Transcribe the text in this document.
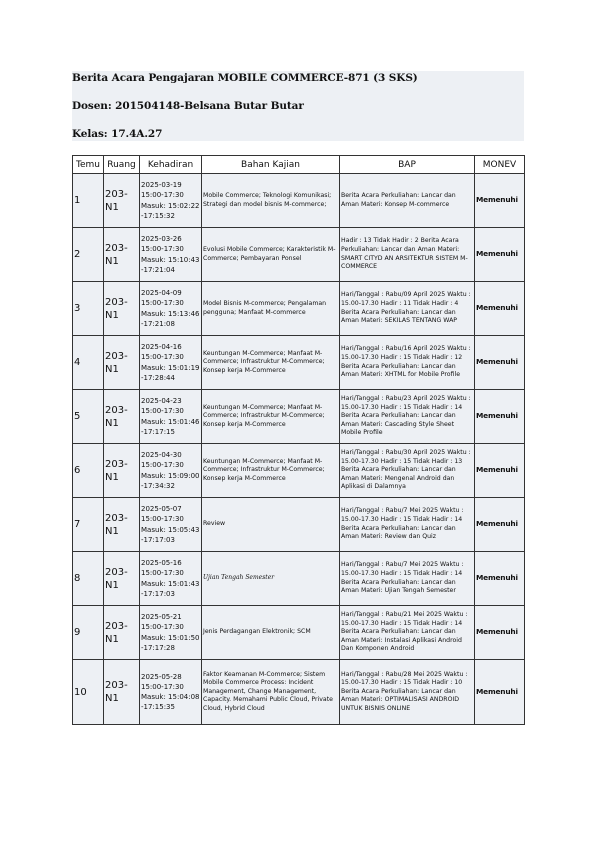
Berita Acara Pengajaran MOBILE COMMERCE-871 (3 SKS)
Dosen: 201504148-Belsana Butar Butar
Kelas: 17.4A.27
Temu	Ruang	Kehadiran	Bahan Kajian	BAP	MONEV
1	203-N1	2025-03-19
15:00-17:30
Masuk: 15:02:22
-17:15:32	Mobile Commerce; Teknologi Komunikasi; Strategi dan model bisnis M-commerce;	Berita Acara Perkuliahan: Lancar dan Aman Materi: Konsep M-commerce	Memenuhi
2	203-N1	2025-03-26
15:00-17:30
Masuk: 15:10:43
-17:21:04	Evolusi Mobile Commerce; Karakteristik M-Commerce; Pembayaran Ponsel	Hadir : 13 Tidak Hadir : 2 Berita Acara Perkuliahan: Lancar dan Aman Materi: SMART CITYD AN ARSITEKTUR SISTEM M-COMMERCE	Memenuhi
3	203-N1	2025-04-09
15:00-17:30
Masuk: 15:13:46
-17:21:08	Model Bisnis M-commerce; Pengalaman pengguna; Manfaat M-commerce	Hari/Tanggal : Rabu/09 April 2025 Waktu : 15.00-17.30 Hadir : 11 Tidak Hadir : 4 Berita Acara Perkuliahan: Lancar dan Aman Materi: SEKILAS TENTANG WAP	Memenuhi
4	203-N1	2025-04-16
15:00-17:30
Masuk: 15:01:19
-17:28:44	Keuntungan M-Commerce; Manfaat M-Commerce; Infrastruktur M-Commerce; Konsep kerja M-Commerce	Hari/Tanggal : Rabu/16 April 2025 Waktu : 15.00-17.30 Hadir : 15 Tidak Hadir : 12 Berita Acara Perkuliahan: Lancar dan Aman Materi: XHTML for Mobile Profile	Memenuhi
5	203-N1	2025-04-23
15:00-17:30
Masuk: 15:01:46
-17:17:15	Keuntungan M-Commerce; Manfaat M-Commerce; Infrastruktur M-Commerce; Konsep kerja M-Commerce	Hari/Tanggal : Rabu/23 April 2025 Waktu : 15.00-17.30 Hadir : 15 Tidak Hadir : 14 Berita Acara Perkuliahan: Lancar dan Aman Materi: Cascading Style Sheet Mobile Profile	Memenuhi
6	203-N1	2025-04-30
15:00-17:30
Masuk: 15:09:00
-17:34:32	Keuntungan M-Commerce; Manfaat M-Commerce; Infrastruktur M-Commerce; Konsep kerja M-Commerce	Hari/Tanggal : Rabu/30 April 2025 Waktu : 15.00-17.30 Hadir : 15 Tidak Hadir : 13 Berita Acara Perkuliahan: Lancar dan Aman Materi: Mengenal Android dan Aplikasi di Dalamnya	Memenuhi
7	203-N1	2025-05-07
15:00-17:30
Masuk: 15:05:43
-17:17:03	Review	Hari/Tanggal : Rabu/7 Mei 2025 Waktu : 15.00-17.30 Hadir : 15 Tidak Hadir : 14 Berita Acara Perkuliahan: Lancar dan Aman Materi: Review dan Quiz	Memenuhi
8	203-N1	2025-05-16
15:00-17:30
Masuk: 15:01:43
-17:17:03	Ujian Tengah Semester	Hari/Tanggal : Rabu/7 Mei 2025 Waktu : 15.00-17.30 Hadir : 15 Tidak Hadir : 14 Berita Acara Perkuliahan: Lancar dan Aman Materi: Ujian Tengah Semester	Memenuhi
9	203-N1	2025-05-21
15:00-17:30
Masuk: 15:01:50
-17:17:28	Jenis Perdagangan Elektronik; SCM	Hari/Tanggal : Rabu/21 Mei 2025 Waktu : 15.00-17.30 Hadir : 15 Tidak Hadir : 14 Berita Acara Perkuliahan: Lancar dan Aman Materi: Instalasi Aplikasi Android Dan Komponen Android	Memenuhi
10	203-N1	2025-05-28
15:00-17:30
Masuk: 15:04:08
-17:15:35	Faktor Keamanan M-Commerce; Sistem Mobile Commerce Process: Incident Management, Change Management, Capacity. Memahami Public Cloud, Private Cloud, Hybrid Cloud	Hari/Tanggal : Rabu/28 Mei 2025 Waktu : 15.00-17.30 Hadir : 15 Tidak Hadir : 10 Berita Acara Perkuliahan: Lancar dan Aman Materi: OPTIMALISASI ANDROID UNTUK BISNIS ONLINE	Memenuhi
